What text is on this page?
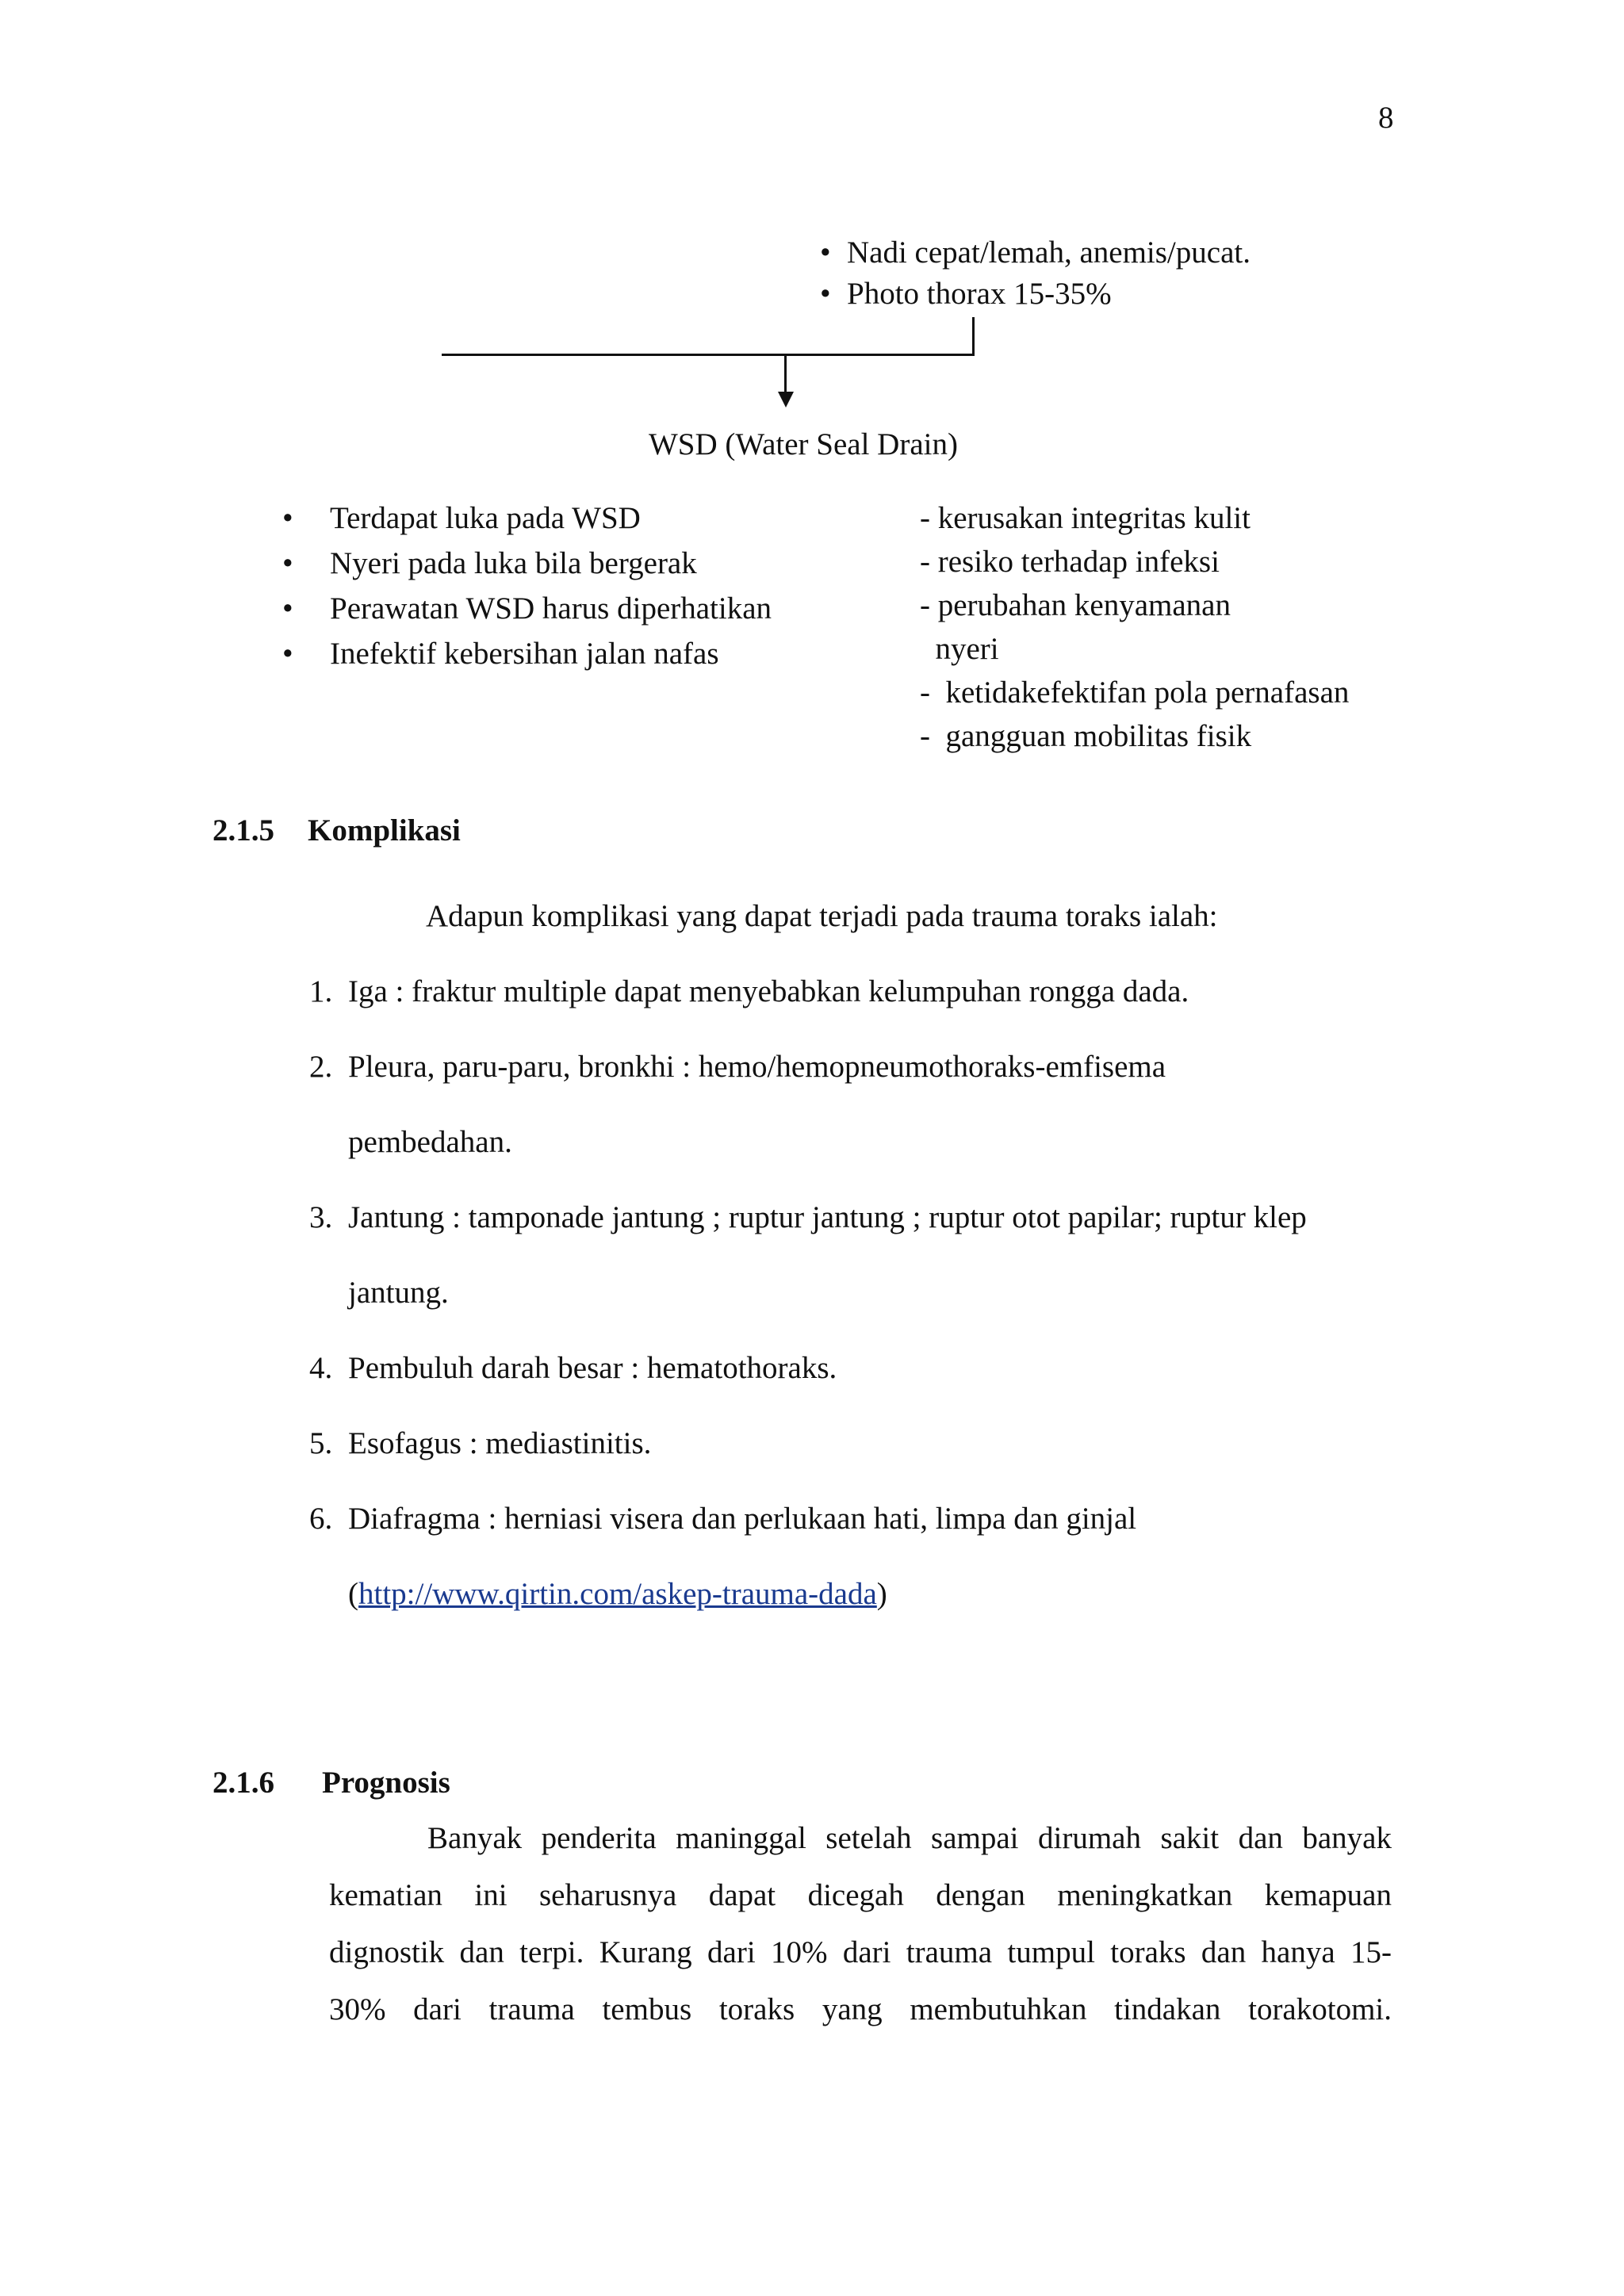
8
• Nadi cepat/lemah, anemis/pucat.
• Photo thorax 15-35%
WSD (Water Seal Drain)
• Terdapat luka pada WSD
• Nyeri pada luka bila bergerak
• Perawatan WSD harus diperhatikan
• Inefektif kebersihan jalan nafas
- kerusakan integritas kulit
- resiko terhadap infeksi
- perubahan kenyamanan
nyeri
-  ketidakefektifan pola pernafasan
-  gangguan mobilitas fisik
2.1.5 Komplikasi
Adapun komplikasi yang dapat terjadi pada trauma toraks ialah:
1. Iga : fraktur multiple dapat menyebabkan kelumpuhan rongga dada.
2. Pleura, paru-paru, bronkhi : hemo/hemopneumothoraks-emfisema
pembedahan.
3. Jantung : tamponade jantung ; ruptur jantung ; ruptur otot papilar; ruptur klep
jantung.
4. Pembuluh darah besar : hematothoraks.
5. Esofagus : mediastinitis.
6. Diafragma : herniasi visera dan perlukaan hati, limpa dan ginjal
(http://www.qirtin.com/askep-trauma-dada)
2.1.6 Prognosis
Banyak penderita maninggal setelah sampai dirumah sakit dan banyak
kematian ini seharusnya dapat dicegah dengan meningkatkan kemapuan
dignostik dan terpi. Kurang dari 10% dari trauma tumpul toraks dan hanya 15-
30% dari trauma tembus toraks yang membutuhkan tindakan torakotomi.
